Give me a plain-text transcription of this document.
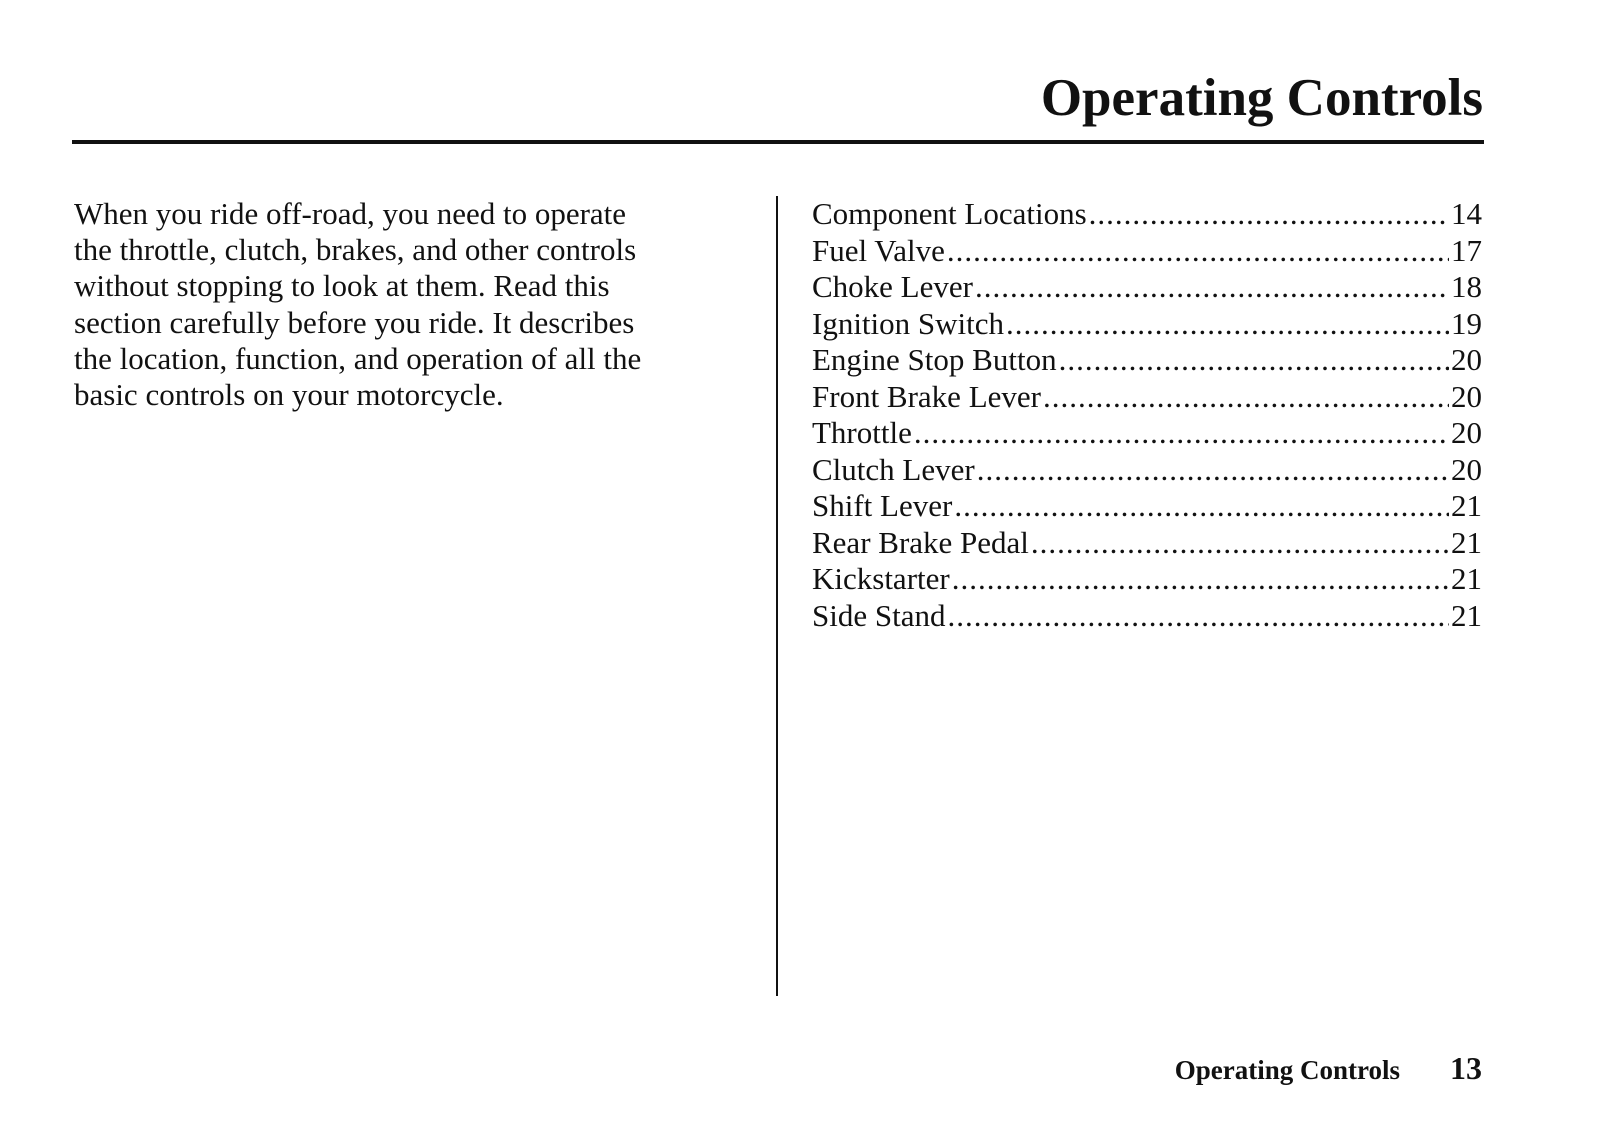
Operating Controls

When you ride off-road, you need to operate
the throttle, clutch, brakes, and other controls
without stopping to look at them. Read this
section carefully before you ride. It describes
the location, function, and operation of all the
basic controls on your motorcycle.

Component Locations .....	14
Fuel Valve .....	17
Choke Lever .....	18
Ignition Switch .....	19
Engine Stop Button .....	20
Front Brake Lever .....	20
Throttle .....	20
Clutch Lever .....	20
Shift Lever .....	21
Rear Brake Pedal .....	21
Kickstarter .....	21
Side Stand .....	21
Operating Controls 13
